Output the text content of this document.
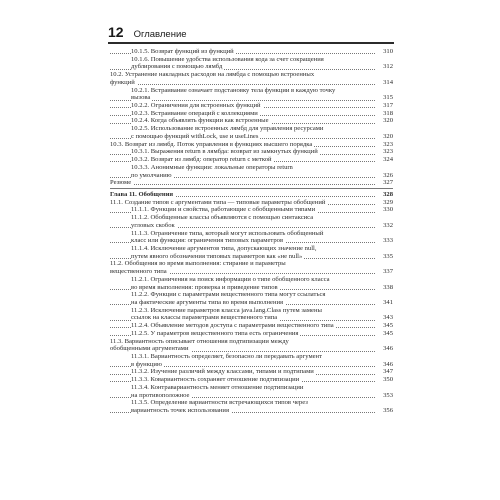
12 Оглавление
10.1.5. Возврат функций из функций	310
10.1.6. Повышение удобства использования кода за счет сокращения
дублирования с помощью лямбд	312
10.2. Устранение накладных расходов на лямбда с помощью встроенных
функций	314
10.2.1. Встраивание означает подстановку тела функции в каждую точку
вызова	315
10.2.2. Ограничения для встроенных функций	317
10.2.3. Встраивание операций с коллекциями	318
10.2.4. Когда объявлять функции как встроенные	320
10.2.5. Использование встроенных лямбд для управления ресурсами
с помощью функций withLock, use и useLines	320
10.3. Возврат из лямбд. Поток управления в функциях высшего порядка	323
10.3.1. Выражения return в лямбда: возврат из замкнутых функций	323
10.3.2. Возврат из лямбд: оператор return с меткой	324
10.3.3. Анонимные функции: локальные операторы return
по умолчанию	326
Резюме	327
Глава 11. Обобщения	328
11.1. Создание типов с аргументами типа — типовые параметры обобщений	329
11.1.1. Функции и свойства, работающие с обобщенными типами	330
11.1.2. Обобщенные классы объявляются с помощью синтаксиса
угловых скобок	332
11.1.3. Ограничение типа, который могут использовать обобщенный
класс или функция: ограничения типовых параметров	333
11.1.4. Исключение аргументов типа, допускающих значение null,
путем явного обозначения типовых параметров как «не null»	335
11.2. Обобщения во время выполнения: стирание и параметры
вещественного типа	337
11.2.1. Ограничения на поиск информации о типе обобщенного класса
во время выполнения: проверка и приведение типов	338
11.2.2. Функции с параметрами вещественного типа могут ссылаться
на фактические аргументы типа во время выполнения	341
11.2.3. Исключение параметров класса java.lang.Class путем замены
ссылок на классы параметрами вещественного типа	343
11.2.4. Объявление методов доступа с параметрами вещественного типа	345
11.2.5. У параметров вещественного типа есть ограничения	345
11.3. Вариантность описывает отношения подтипизации между
обобщенными аргументами	346
11.3.1. Вариантность определяет, безопасно ли передавать аргумент
в функцию	346
11.3.2. Изучение различий между классами, типами и подтипами	347
11.3.3. Ковариантность сохраняет отношение подтипизации	350
11.3.4. Контравариантность меняет отношение подтипизации
на противоположное	353
11.3.5. Определение вариантности встречающихся типов через
вариантность точек использования	356
